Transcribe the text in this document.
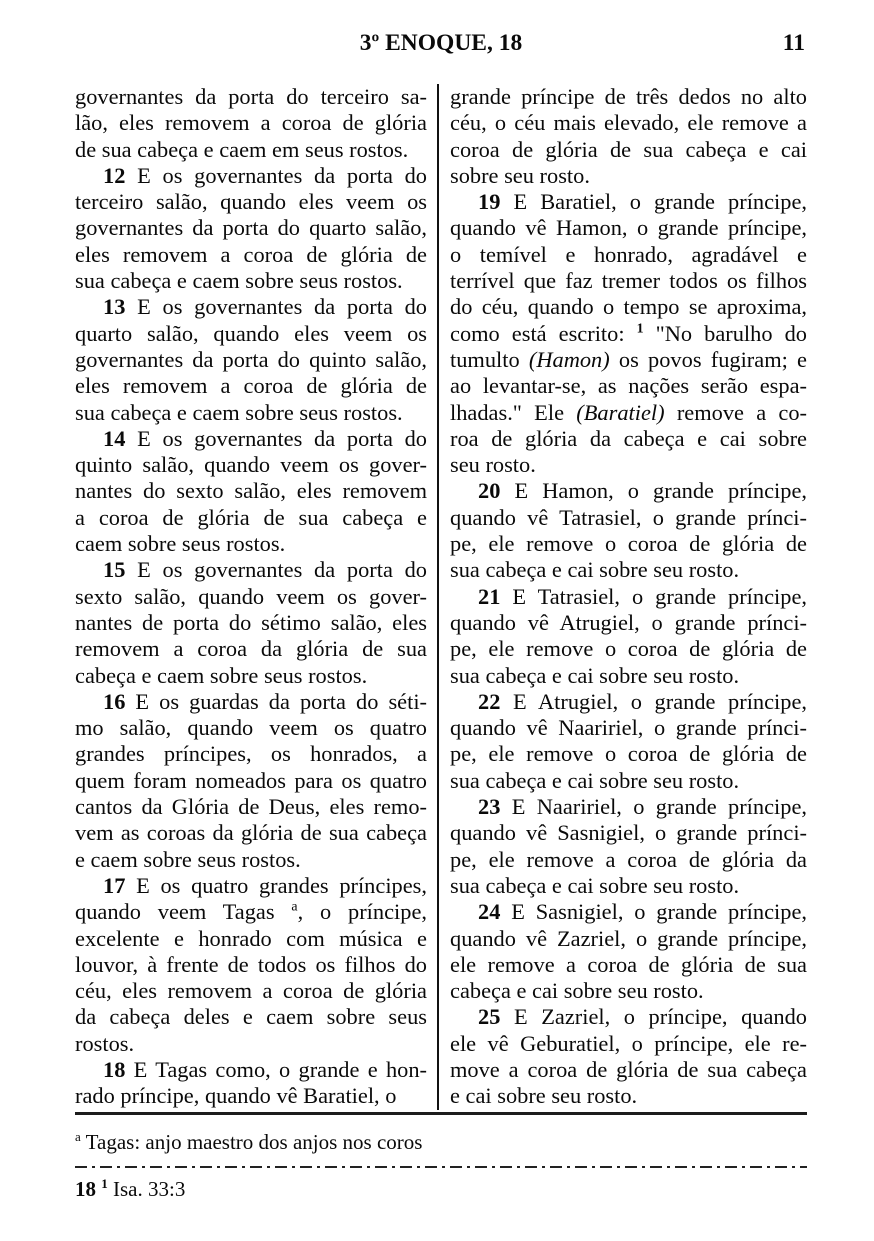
3º ENOQUE, 18	11
governantes da porta do terceiro sa-
lão, eles removem a coroa de glória
de sua cabeça e caem em seus rostos.
12 E os governantes da porta do
terceiro salão, quando eles veem os
governantes da porta do quarto salão,
eles removem a coroa de glória de
sua cabeça e caem sobre seus rostos.
13 E os governantes da porta do
quarto salão, quando eles veem os
governantes da porta do quinto salão,
eles removem a coroa de glória de
sua cabeça e caem sobre seus rostos.
14 E os governantes da porta do
quinto salão, quando veem os gover-
nantes do sexto salão, eles removem
a coroa de glória de sua cabeça e
caem sobre seus rostos.
15 E os governantes da porta do
sexto salão, quando veem os gover-
nantes de porta do sétimo salão, eles
removem a coroa da glória de sua
cabeça e caem sobre seus rostos.
16 E os guardas da porta do séti-
mo salão, quando veem os quatro
grandes príncipes, os honrados, a
quem foram nomeados para os quatro
cantos da Glória de Deus, eles remo-
vem as coroas da glória de sua cabeça
e caem sobre seus rostos.
17 E os quatro grandes príncipes,
quando veem Tagas $^a$, o príncipe,
excelente e honrado com música e
louvor, à frente de todos os filhos do
céu, eles removem a coroa de glória
da cabeça deles e caem sobre seus
rostos.
18 E Tagas como, o grande e hon-
rado príncipe, quando vê Baratiel, o
grande príncipe de três dedos no alto
céu, o céu mais elevado, ele remove a
coroa de glória de sua cabeça e cai
sobre seu rosto.
19 E Baratiel, o grande príncipe,
quando vê Hamon, o grande príncipe,
o temível e honrado, agradável e
terrível que faz tremer todos os filhos
do céu, quando o tempo se aproxima,
como está escrito: $^1$ "No barulho do
tumulto (Hamon) os povos fugiram; e
ao levantar-se, as nações serão espa-
lhadas." Ele (Baratiel) remove a co-
roa de glória da cabeça e cai sobre
seu rosto.
20 E Hamon, o grande príncipe,
quando vê Tatrasiel, o grande prínci-
pe, ele remove o coroa de glória de
sua cabeça e cai sobre seu rosto.
21 E Tatrasiel, o grande príncipe,
quando vê Atrugiel, o grande prínci-
pe, ele remove o coroa de glória de
sua cabeça e cai sobre seu rosto.
22 E Atrugiel, o grande príncipe,
quando vê Naaririel, o grande prínci-
pe, ele remove o coroa de glória de
sua cabeça e cai sobre seu rosto.
23 E Naaririel, o grande príncipe,
quando vê Sasnigiel, o grande prínci-
pe, ele remove a coroa de glória da
sua cabeça e cai sobre seu rosto.
24 E Sasnigiel, o grande príncipe,
quando vê Zazriel, o grande príncipe,
ele remove a coroa de glória de sua
cabeça e cai sobre seu rosto.
25 E Zazriel, o príncipe, quando
ele vê Geburatiel, o príncipe, ele re-
move a coroa de glória de sua cabeça
e cai sobre seu rosto.
$^a$ Tagas: anjo maestro dos anjos nos coros
18 $^1$ Isa. 33:3
